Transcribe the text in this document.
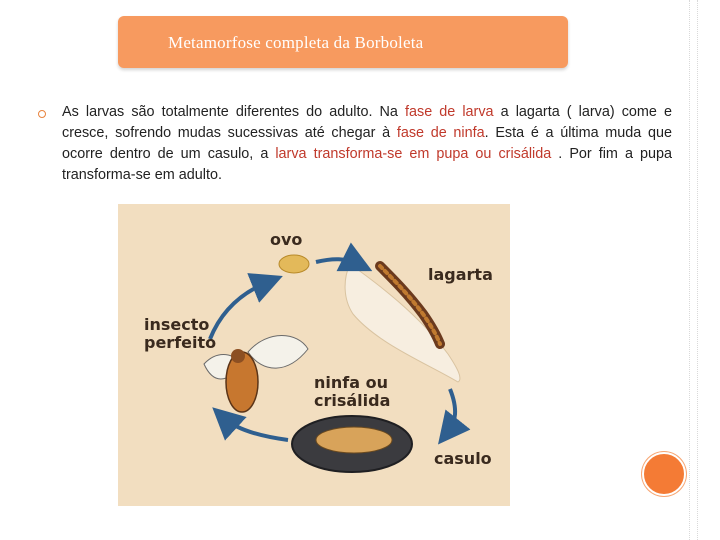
Metamorfose completa da Borboleta
As larvas são totalmente diferentes do adulto. Na fase de larva a lagarta ( larva) come e cresce, sofrendo mudas sucessivas até chegar à fase de ninfa. Esta é a última muda que ocorre dentro de um casulo, a larva transforma-se em pupa ou crisálida . Por fim a pupa transforma-se em adulto.
ovo
lagarta
insecto
perfeito
ninfa ou
crisálida
casulo
